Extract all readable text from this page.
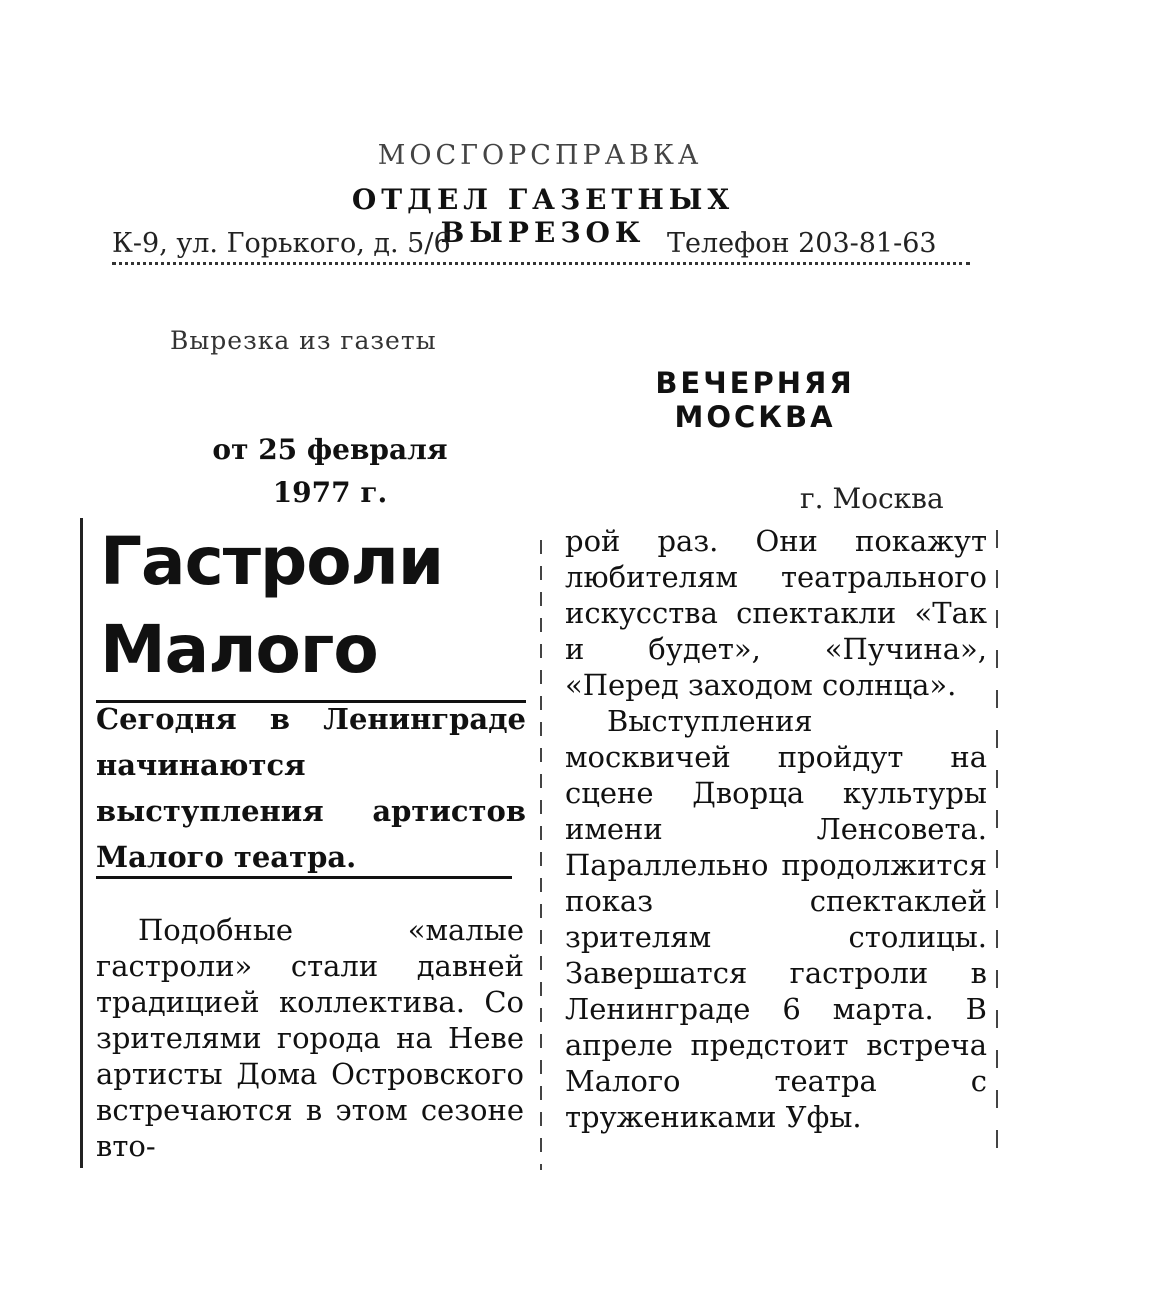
МОСГОРСПРАВКА
ОТДЕЛ ГАЗЕТНЫХ ВЫРЕЗОК
К-9, ул. Горького, д. 5/6	Телефон 203-81-63
Вырезка из газеты
ВЕЧЕРНЯЯ
МОСКВА
от 25 февраля
1977 г.	г. Москва
Гастроли
Малого
Сегодня в Ленинграде начинаются выступления артистов Малого театра.
Подобные «малые гастроли» стали давней традицией коллектива. Со зрителями города на Неве артисты Дома Островского встречаются в этом сезоне вто-
рой раз. Они покажут любителям театрального искусства спектакли «Так и будет», «Пучина», «Перед заходом солнца».
Выступления москвичей пройдут на сцене Дворца культуры имени Ленсовета. Параллельно продолжится показ спектаклей зрителям столицы. Завершатся гастроли в Ленинграде 6 марта. В апреле предстоит встреча Малого театра с тружениками Уфы.
